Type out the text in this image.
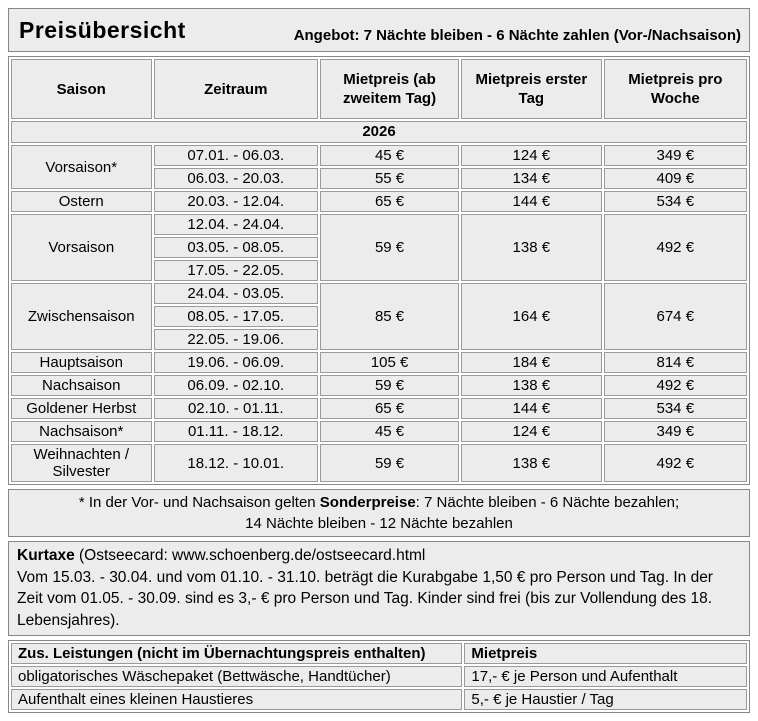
Preisübersicht	Angebot: 7 Nächte bleiben - 6 Nächte zahlen (Vor-/Nachsaison)
Saison	Zeitraum	Mietpreis (ab zweitem Tag)	Mietpreis erster Tag	Mietpreis pro Woche
2026				
Vorsaison*	07.01. - 06.03.	45 €	124 €	349 €
	06.03. - 20.03.	55 €	134 €	409 €
Ostern	20.03. - 12.04.	65 €	144 €	534 €
Vorsaison	12.04. - 24.04.	59 €	138 €	492 €
	03.05. - 08.05.			
	17.05. - 22.05.			
Zwischensaison	24.04. - 03.05.	85 €	164 €	674 €
	08.05. - 17.05.			
	22.05. - 19.06.			
Hauptsaison	19.06. - 06.09.	105 €	184 €	814 €
Nachsaison	06.09. - 02.10.	59 €	138 €	492 €
Goldener Herbst	02.10. - 01.11.	65 €	144 €	534 €
Nachsaison*	01.11. - 18.12.	45 €	124 €	349 €
Weihnachten / Silvester	18.12. - 10.01.	59 €	138 €	492 €
* In der Vor- und Nachsaison gelten Sonderpreise: 7 Nächte bleiben - 6 Nächte bezahlen;
14 Nächte bleiben - 12 Nächte bezahlen
Kurtaxe (Ostseecard: www.schoenberg.de/ostseecard.html
Vom 15.03. - 30.04. und vom 01.10. - 31.10. beträgt die Kurabgabe 1,50 € pro Person und Tag. In der Zeit vom 01.05. - 30.09. sind es 3,- € pro Person und Tag. Kinder sind frei (bis zur Vollendung des 18. Lebensjahres).
Zus. Leistungen (nicht im Übernachtungspreis enthalten)	Mietpreis
obligatorisches Wäschepaket (Bettwäsche, Handtücher)	17,- € je Person und Aufenthalt
Aufenthalt eines kleinen Haustieres	5,- € je Haustier / Tag
